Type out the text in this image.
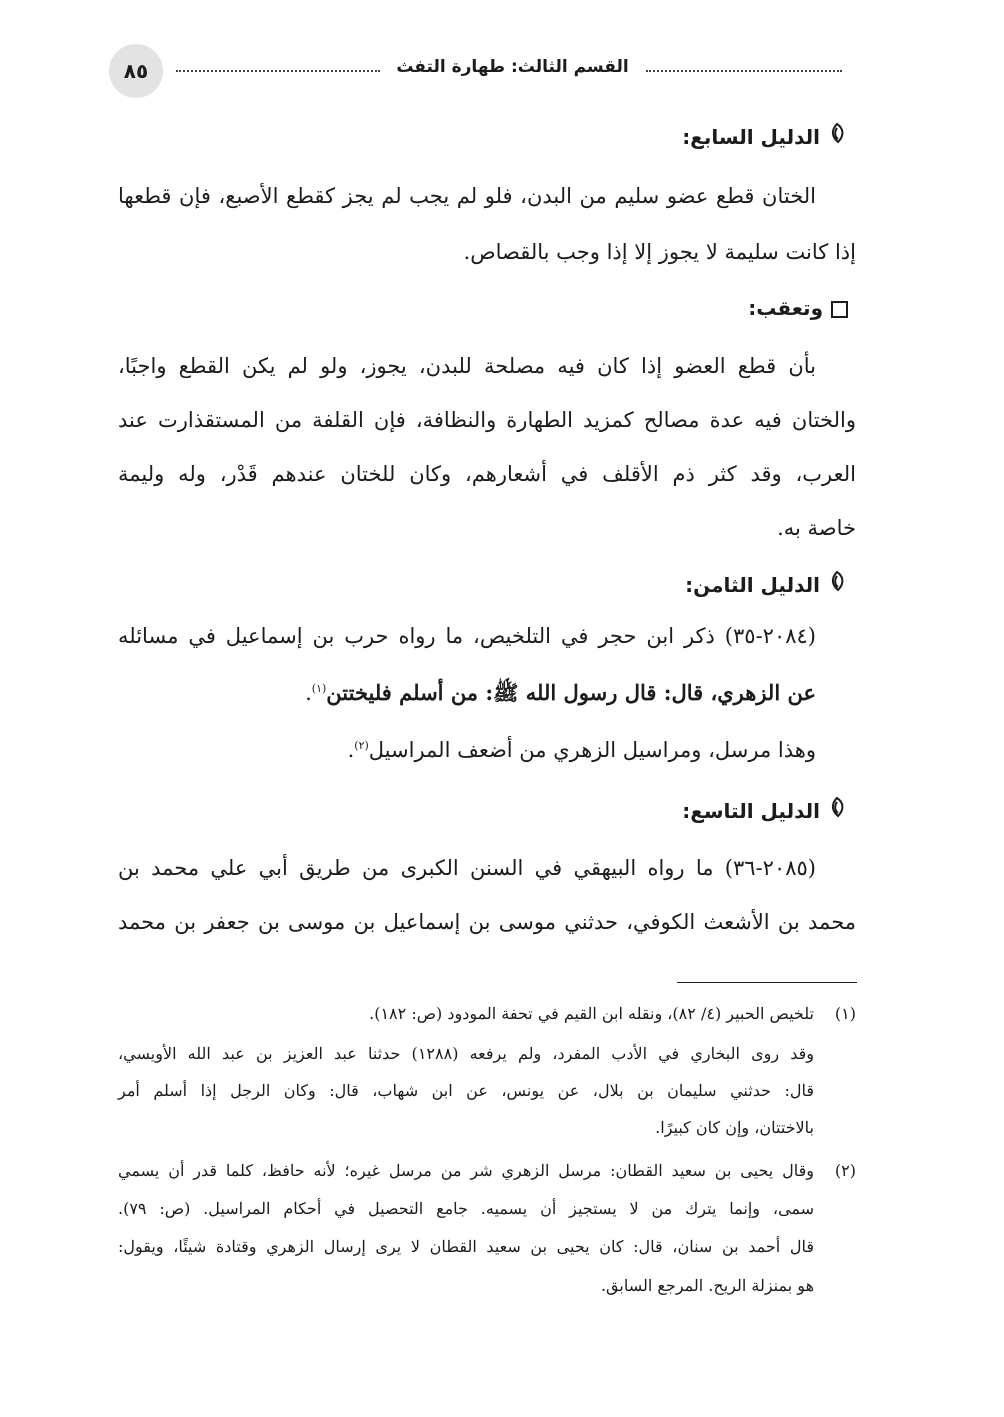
٨٥	القسم الثالث: طهارة التفث
الدليل السابع:
الختان قطع عضو سليم من البدن، فلو لم يجب لم يجز كقطع الأصبع، فإن قطعها
إذا كانت سليمة لا يجوز إلا إذا وجب بالقصاص.
وتعقب:
بأن قطع العضو إذا كان فيه مصلحة للبدن، يجوز، ولو لم يكن القطع واجبًا،
والختان فيه عدة مصالح كمزيد الطهارة والنظافة، فإن القلفة من المستقذارت عند
العرب، وقد كثر ذم الأقلف في أشعارهم، وكان للختان عندهم قَدْر، وله وليمة
خاصة به.
الدليل الثامن:
(٢٠٨٤-٣٥) ذكر ابن حجر في التلخيص، ما رواه حرب بن إسماعيل في مسائله
عن الزهري، قال: قال رسول الله ﷺ: من أسلم فليختتن$^{(١)}$.
وهذا مرسل، ومراسيل الزهري من أضعف المراسيل$^{(٢)}$.
الدليل التاسع:
(٢٠٨٥-٣٦) ما رواه البيهقي في السنن الكبرى من طريق أبي علي محمد بن
محمد بن الأشعث الكوفي، حدثني موسى بن إسماعيل بن موسى بن جعفر بن محمد
(١)
تلخيص الحبير (٤/ ٨٢)، ونقله ابن القيم في تحفة المودود (ص: ١٨٢).
وقد روى البخاري في الأدب المفرد، ولم يرفعه (١٢٨٨) حدثنا عبد العزيز بن عبد الله الأويسي،
قال: حدثني سليمان بن بلال، عن يونس، عن ابن شهاب، قال: وكان الرجل إذا أسلم أمر
بالاختتان، وإن كان كبيرًا.
(٢)
وقال يحيى بن سعيد القطان: مرسل الزهري شر من مرسل غيره؛ لأنه حافظ، كلما قدر أن يسمي
سمى، وإنما يترك من لا يستجيز أن يسميه. جامع التحصيل في أحكام المراسيل. (ص: ٧٩).
قال أحمد بن سنان، قال: كان يحيى بن سعيد القطان لا يرى إرسال الزهري وقتادة شيئًا، ويقول:
هو بمنزلة الريح. المرجع السابق.
